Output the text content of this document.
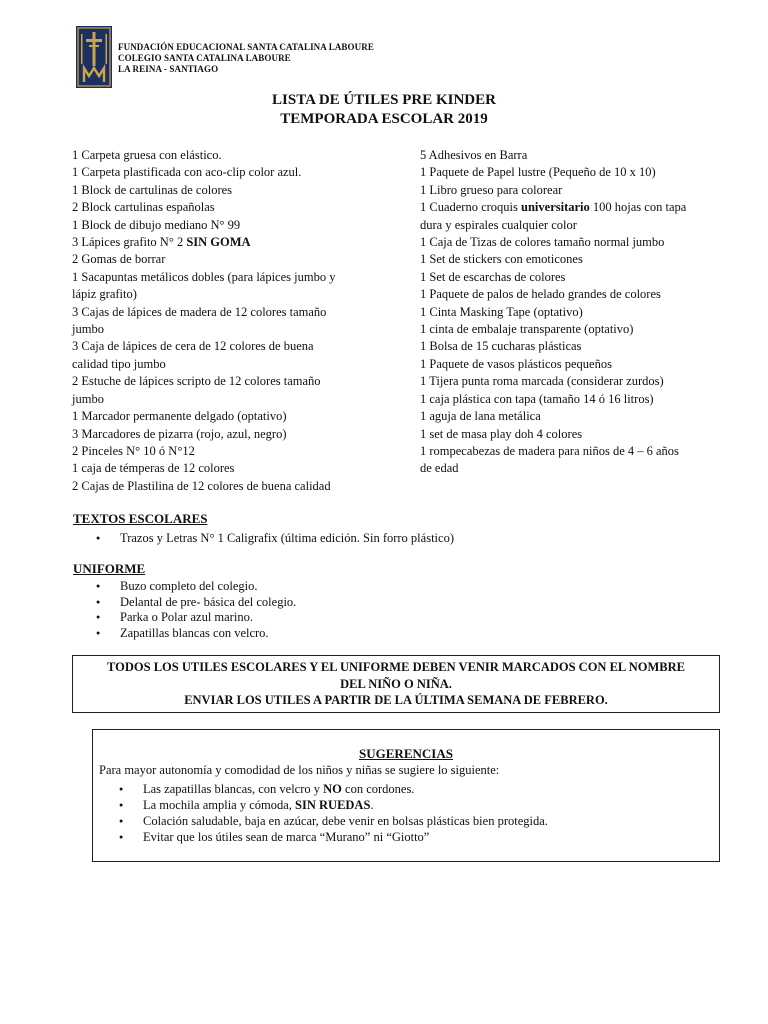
FUNDACIÓN EDUCACIONAL SANTA CATALINA LABOURE
COLEGIO SANTA CATALINA LABOURE
LA REINA - SANTIAGO
LISTA DE ÚTILES PRE KINDER
TEMPORADA ESCOLAR 2019
1 Carpeta gruesa con elástico.
1 Carpeta plastificada con aco-clip color azul.
1 Block de cartulinas de colores
2 Block cartulinas españolas
1 Block de dibujo mediano N° 99
3 Lápices grafito N° 2 SIN GOMA
2 Gomas de borrar
1 Sacapuntas metálicos dobles (para lápices jumbo y
lápiz grafito)
3 Cajas de lápices de madera de 12 colores tamaño
jumbo
3 Caja de lápices de cera de 12 colores de buena
calidad tipo jumbo
2 Estuche de lápices scripto de 12 colores tamaño
jumbo
1 Marcador permanente delgado (optativo)
3 Marcadores de pizarra (rojo, azul, negro)
2 Pinceles N° 10 ó N°12
1 caja de témperas de 12 colores
2 Cajas de Plastilina de 12 colores de buena calidad
5 Adhesivos en Barra
1 Paquete de Papel lustre (Pequeño de 10 x 10)
1 Libro grueso para colorear
1 Cuaderno croquis universitario 100 hojas con tapa
dura y espirales cualquier color
1 Caja de Tizas de colores tamaño normal jumbo
1 Set de stickers con emoticones
1 Set de escarchas de colores
1 Paquete de palos de helado grandes de colores
1 Cinta Masking Tape (optativo)
1 cinta de embalaje transparente (optativo)
1 Bolsa de 15 cucharas plásticas
1 Paquete de vasos plásticos pequeños
1 Tijera punta roma marcada (considerar zurdos)
1 caja plástica con tapa (tamaño 14 ó 16 litros)
1 aguja de lana metálica
1 set de masa play doh 4 colores
1 rompecabezas de madera para niños de 4 – 6 años
de edad
TEXTOS ESCOLARES
● Trazos y Letras N° 1 Caligrafix (última edición. Sin forro plástico)
UNIFORME
● Buzo completo del colegio.
● Delantal de pre- básica del colegio.
● Parka o Polar azul marino.
● Zapatillas blancas con velcro.
TODOS LOS UTILES ESCOLARES Y EL UNIFORME DEBEN VENIR MARCADOS CON EL NOMBRE
DEL NIÑO O NIÑA.
ENVIAR LOS UTILES A PARTIR DE LA ÚLTIMA SEMANA DE FEBRERO.
SUGERENCIAS
Para mayor autonomía y comodidad de los niños y niñas se sugiere lo siguiente:
● Las zapatillas blancas, con velcro y NO con cordones.
● La mochila amplia y cómoda, SIN RUEDAS.
● Colación saludable, baja en azúcar, debe venir en bolsas plásticas bien protegida.
● Evitar que los útiles sean de marca “Murano” ni “Giotto”
